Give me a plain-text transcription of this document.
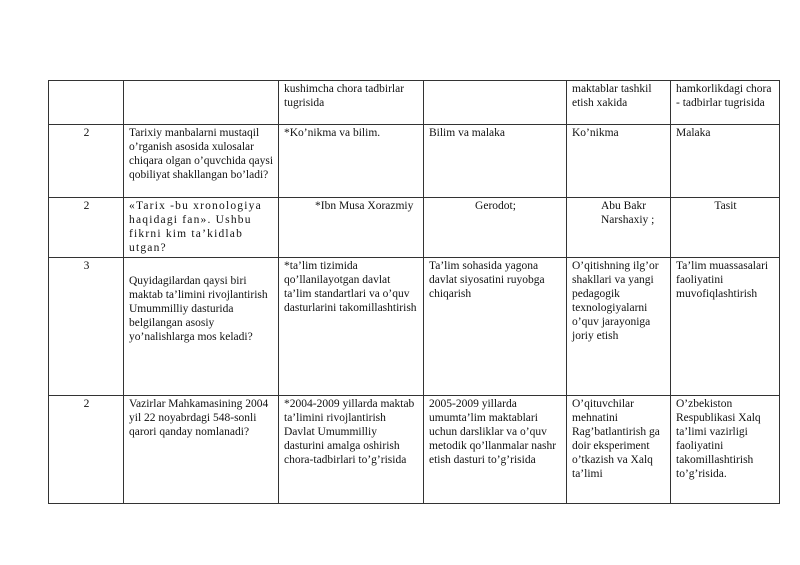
		kushimcha chora tadbirlar tugrisida		maktablar tashkil etish xakida	hamkorlikdagi chora - tadbirlar tugrisida
2	Tarixiy manbalarni mustaqil o’rganish asosida xulosalar chiqara olgan o’quvchida qaysi qobiliyat shakllangan bo’ladi?	*Ko’nikma va bilim.	Bilim va malaka	Ko’nikma	Malaka
2	«Tarix -bu xronologiya haqidagi fan». Ushbu fikrni kim ta’kidlab utgan?	*Ibn Musa Xorazmiy	Gerodot;	Abu Bakr Narshaxiy ;	Tasit
3	Quyidagilardan qaysi biri maktab ta’limini rivojlantirish Umummilliy dasturida belgilangan asosiy yo’nalishlarga mos keladi?	*ta’lim tizimida qo’llanilayotgan davlat ta’lim standartlari va o’quv dasturlarini takomillashtirish	Ta’lim sohasida yagona davlat siyosatini ruyobga chiqarish	O’qitishning ilg’or shakllari va yangi pedagogik texnologiyalarni o’quv jarayoniga joriy etish	Ta’lim muassasalari faoliyatini muvofiqlashtirish
2	Vazirlar Mahkamasining 2004 yil 22 noyabrdagi 548-sonli qarori qanday nomlanadi?	*2004-2009 yillarda maktab ta’limini rivojlantirish Davlat Umummilliy dasturini amalga oshirish chora-tadbirlari to’g’risida	2005-2009 yillarda umumta’lim maktablari uchun darsliklar va o’quv metodik qo’llanmalar nashr etish dasturi to’g’risida	O’qituvchilar mehnatini Rag’batlantirish ga doir eksperiment o’tkazish va Xalq ta’limi	O’zbekiston Respublikasi Xalq ta’limi vazirligi faoliyatini takomillashtirish to’g’risida.
